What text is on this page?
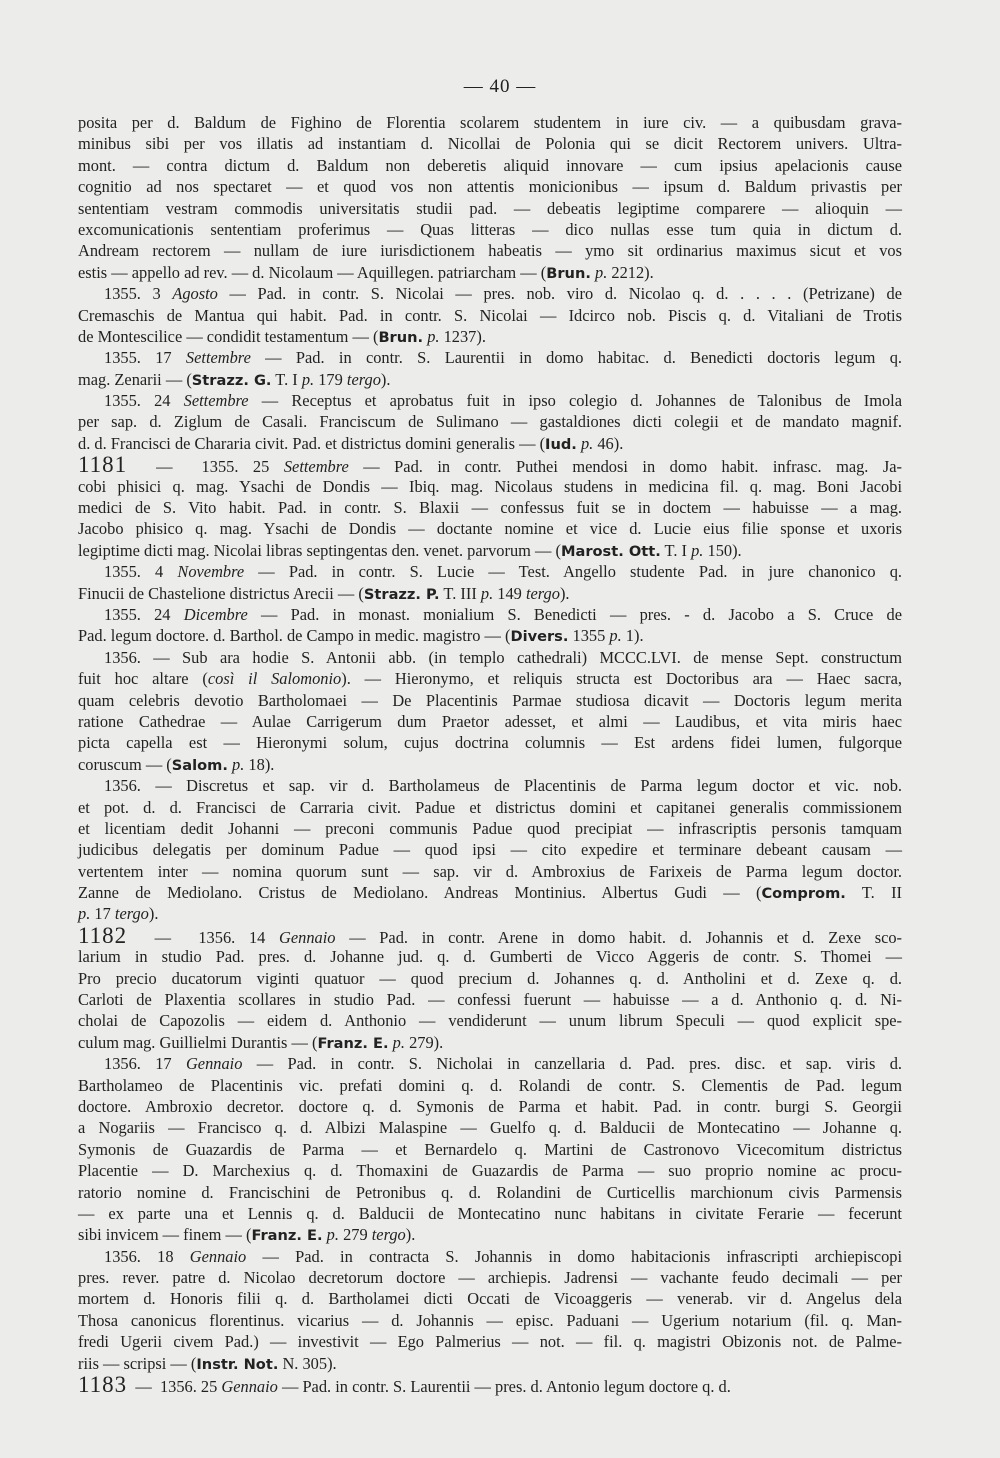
— 40 —
posita per d. Baldum de Fighino de Florentia scolarem studentem in iure civ. — a quibusdam grava-
minibus sibi per vos illatis ad instantiam d. Nicollai de Polonia qui se dicit Rectorem univers. Ultra-
mont. — contra dictum d. Baldum non deberetis aliquid innovare — cum ipsius apelacionis cause
cognitio ad nos spectaret — et quod vos non attentis monicionibus — ipsum d. Baldum privastis per
sententiam vestram commodis universitatis studii pad. — debeatis legiptime comparere — alioquin —
excomunicationis sententiam proferimus — Quas litteras — dico nullas esse tum quia in dictum d.
Andream rectorem — nullam de iure iurisdictionem habeatis — ymo sit ordinarius maximus sicut et vos
estis — appello ad rev. — d. Nicolaum — Aquillegen. patriarcham — (Brun. p. 2212).
1355. 3 Agosto — Pad. in contr. S. Nicolai — pres. nob. viro d. Nicolao q. d. . . . . (Petrizane) de
Cremaschis de Mantua qui habit. Pad. in contr. S. Nicolai — Idcirco nob. Piscis q. d. Vitaliani de Trotis
de Montescilice — condidit testamentum — (Brun. p. 1237).
1355. 17 Settembre — Pad. in contr. S. Laurentii in domo habitac. d. Benedicti doctoris legum q.
mag. Zenarii — (Strazz. G. T. I p. 179 tergo).
1355. 24 Settembre — Receptus et aprobatus fuit in ipso colegio d. Johannes de Talonibus de Imola
per sap. d. Ziglum de Casali. Franciscum de Sulimano — gastaldiones dicti colegii et de mandato magnif.
d. d. Francisci de Chararia civit. Pad. et districtus domini generalis — (Iud. p. 46).
1181  —  1355. 25 Settembre — Pad. in contr. Puthei mendosi in domo habit. infrasc. mag. Ja-
cobi phisici q. mag. Ysachi de Dondis — Ibiq. mag. Nicolaus studens in medicina fil. q. mag. Boni Jacobi
medici de S. Vito habit. Pad. in contr. S. Blaxii — confessus fuit se in doctem — habuisse — a mag.
Jacobo phisico q. mag. Ysachi de Dondis — doctante nomine et vice d. Lucie eius filie sponse et uxoris
legiptime dicti mag. Nicolai libras septingentas den. venet. parvorum — (Marost. Ott. T. I p. 150).
1355. 4 Novembre — Pad. in contr. S. Lucie — Test. Angello studente Pad. in jure chanonico q.
Finucii de Chastelione districtus Arecii — (Strazz. P. T. III p. 149 tergo).
1355. 24 Dicembre — Pad. in monast. monialium S. Benedicti — pres. - d. Jacobo a S. Cruce de
Pad. legum doctore. d. Barthol. de Campo in medic. magistro — (Divers. 1355 p. 1).
1356. — Sub ara hodie S. Antonii abb. (in templo cathedrali) MCCC.LVI. de mense Sept. constructum
fuit hoc altare (così il Salomonio). — Hieronymo, et reliquis structa est Doctoribus ara — Haec sacra,
quam celebris devotio Bartholomaei — De Placentinis Parmae studiosa dicavit — Doctoris legum merita
ratione Cathedrae — Aulae Carrigerum dum Praetor adesset, et almi — Laudibus, et vita miris haec
picta capella est — Hieronymi solum, cujus doctrina columnis — Est ardens fidei lumen, fulgorque
coruscum — (Salom. p. 18).
1356. — Discretus et sap. vir d. Bartholameus de Placentinis de Parma legum doctor et vic. nob.
et pot. d. d. Francisci de Carraria civit. Padue et districtus domini et capitanei generalis commissionem
et licentiam dedit Johanni — preconi communis Padue quod precipiat — infrascriptis personis tamquam
judicibus delegatis per dominum Padue — quod ipsi — cito expedire et terminare debeant causam —
vertentem inter — nomina quorum sunt — sap. vir d. Ambroxius de Farixeis de Parma legum doctor.
Zanne de Mediolano. Cristus de Mediolano. Andreas Montinius. Albertus Gudi — (Comprom. T. II
p. 17 tergo).
1182  —  1356. 14 Gennaio — Pad. in contr. Arene in domo habit. d. Johannis et d. Zexe sco-
larium in studio Pad. pres. d. Johanne jud. q. d. Gumberti de Vicco Aggeris de contr. S. Thomei —
Pro precio ducatorum viginti quatuor — quod precium d. Johannes q. d. Antholini et d. Zexe q. d.
Carloti de Plaxentia scollares in studio Pad. — confessi fuerunt — habuisse — a d. Anthonio q. d. Ni-
cholai de Capozolis — eidem d. Anthonio — vendiderunt — unum librum Speculi — quod explicit spe-
culum mag. Guillielmi Durantis — (Franz. E. p. 279).
1356. 17 Gennaio — Pad. in contr. S. Nicholai in canzellaria d. Pad. pres. disc. et sap. viris d.
Bartholameo de Placentinis vic. prefati domini q. d. Rolandi de contr. S. Clementis de Pad. legum
doctore. Ambroxio decretor. doctore q. d. Symonis de Parma et habit. Pad. in contr. burgi S. Georgii
a Nogariis — Francisco q. d. Albizi Malaspine — Guelfo q. d. Balducii de Montecatino — Johanne q.
Symonis de Guazardis de Parma — et Bernardelo q. Martini de Castronovo Vicecomitum districtus
Placentie — D. Marchexius q. d. Thomaxini de Guazardis de Parma — suo proprio nomine ac procu-
ratorio nomine d. Francischini de Petronibus q. d. Rolandini de Curticellis marchionum civis Parmensis
— ex parte una et Lennis q. d. Balducii de Montecatino nunc habitans in civitate Ferarie — fecerunt
sibi invicem — finem — (Franz. E. p. 279 tergo).
1356. 18 Gennaio — Pad. in contracta S. Johannis in domo habitacionis infrascripti archiepiscopi
pres. rever. patre d. Nicolao decretorum doctore — archiepis. Jadrensi — vachante feudo decimali — per
mortem d. Honoris filii q. d. Bartholamei dicti Occati de Vicoaggeris — venerab. vir d. Angelus dela
Thosa canonicus florentinus. vicarius — d. Johannis — episc. Paduani — Ugerium notarium (fil. q. Man-
fredi Ugerii civem Pad.) — investivit — Ego Palmerius — not. — fil. q. magistri Obizonis not. de Palme-
riis — scripsi — (Instr. Not. N. 305).
1183  —  1356. 25 Gennaio — Pad. in contr. S. Laurentii — pres. d. Antonio legum doctore q. d.
